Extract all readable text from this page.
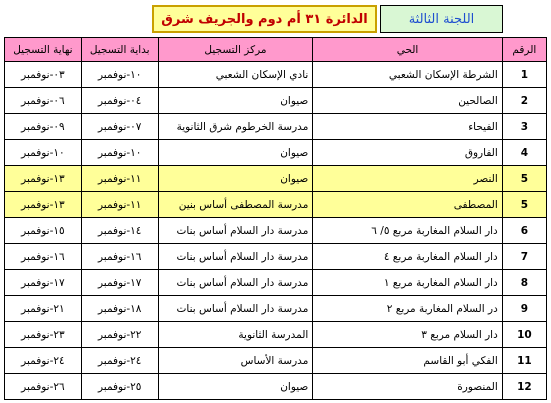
اللجنة الثالثة
الدائرة ٣١ أم دوم والجريف شرق
نهاية التسجيل	بداية التسجيل	مركز التسجيل	الحي	الرقم
٠٣-نوفمبر	١٠-نوفمبر	نادي الإسكان الشعبي	الشرطة الإسكان الشعبي	1
٠٦-نوفمبر	٠٤-نوفمبر	صيوان	الصالحين	2
٠٩-نوفمبر	٠٧-نوفمبر	مدرسة الخرطوم شرق الثانوية	الفيحاء	3
١٠-نوفمبر	١٠-نوفمبر	صيوان	الفاروق	4
١٣-نوفمبر	١١-نوفمبر	صيوان	النصر	5
١٣-نوفمبر	١١-نوفمبر	مدرسة المصطفى أساس بنين	المصطفى	5
١٥-نوفمبر	١٤-نوفمبر	مدرسة دار السلام أساس بنات	دار السلام المغاربة مربع ٥/ ٦	6
١٦-نوفمبر	١٦-نوفمبر	مدرسة دار السلام أساس بنات	دار السلام المغاربة مربع ٤	7
١٧-نوفمبر	١٧-نوفمبر	مدرسة دار السلام أساس بنات	دار السلام المغاربة مربع ١	8
٢١-نوفمبر	١٨-نوفمبر	مدرسة دار السلام أساس بنات	در السلام المغاربة مربع ٢	9
٢٣-نوفمبر	٢٢-نوفمبر	المدرسة الثانوية	دار السلام مربع ٣	10
٢٤-نوفمبر	٢٤-نوفمبر	مدرسة الأساس	الفكي أبو القاسم	11
٢٦-نوفمبر	٢٥-نوفمبر	صيوان	المنصورة	12
